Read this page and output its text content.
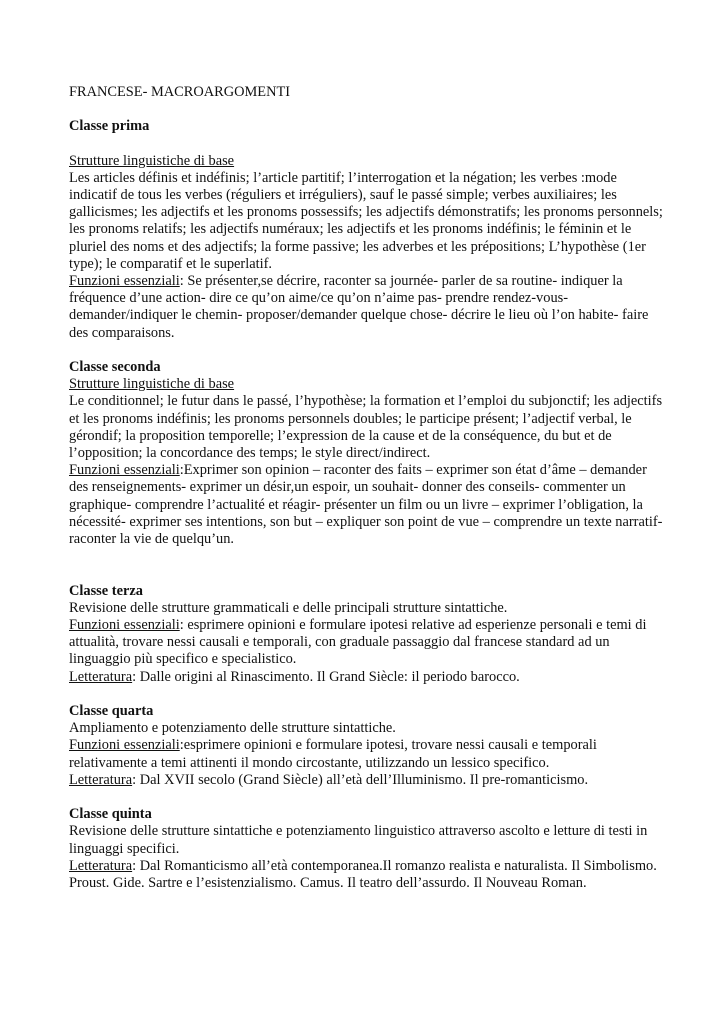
FRANCESE- MACROARGOMENTI

Classe prima

Strutture linguistiche di base

Les articles définis et indéfinis; l’article partitif; l’interrogation et la négation; les verbes :mode indicatif de tous les verbes (réguliers et irréguliers), sauf le passé simple; verbes auxiliaires; les gallicismes; les adjectifs et les pronoms possessifs; les adjectifs démonstratifs; les pronoms personnels; les pronoms relatifs; les adjectifs numéraux; les adjectifs et les pronoms indéfinis; le féminin et le pluriel des noms et des adjectifs; la forme passive; les adverbes et les prépositions; L’hypothèse (1er type); le comparatif et le superlatif.

Funzioni essenziali: Se présenter,se décrire, raconter sa journée- parler de sa routine- indiquer la fréquence d’une action- dire ce qu’on aime/ce qu’on n’aime pas- prendre rendez-vous- demander/indiquer le chemin- proposer/demander quelque chose- décrire le lieu où l’on habite- faire des comparaisons.

Classe seconda

Strutture linguistiche di base

Le conditionnel; le futur dans le passé, l’hypothèse; la formation et l’emploi du subjonctif; les adjectifs et les pronoms indéfinis; les pronoms personnels doubles; le participe présent; l’adjectif verbal, le gérondif; la proposition temporelle; l’expression de la cause et de la conséquence, du but et de l’opposition; la concordance des temps; le style direct/indirect.

Funzioni essenziali:Exprimer son opinion – raconter des faits – exprimer son état d’âme – demander des renseignements- exprimer un désir,un espoir, un souhait- donner des conseils- commenter un graphique- comprendre l’actualité et réagir- présenter un film ou un livre – exprimer l’obligation, la nécessité- exprimer ses intentions, son but – expliquer son point de vue – comprendre un texte narratif- raconter la vie de quelqu’un.

Classe terza

Revisione delle strutture grammaticali e delle principali strutture sintattiche.

Funzioni essenziali: esprimere opinioni e formulare ipotesi relative ad esperienze personali e temi di attualità, trovare nessi causali e temporali, con graduale passaggio dal francese standard ad un linguaggio più specifico e specialistico.

Letteratura: Dalle origini al Rinascimento. Il Grand Siècle: il periodo barocco.

Classe quarta

Ampliamento e potenziamento delle strutture sintattiche.

Funzioni essenziali:esprimere opinioni e formulare ipotesi, trovare nessi causali e temporali relativamente a temi attinenti il mondo circostante, utilizzando un lessico specifico.

Letteratura: Dal XVII secolo (Grand Siècle) all’età dell’Illuminismo. Il pre-romanticismo.

Classe quinta

Revisione delle strutture sintattiche e potenziamento linguistico attraverso ascolto e letture di testi in linguaggi specifici.

Letteratura: Dal Romanticismo all’età contemporanea.Il romanzo realista e naturalista. Il Simbolismo. Proust. Gide. Sartre e l’esistenzialismo. Camus. Il teatro dell’assurdo. Il Nouveau Roman.
